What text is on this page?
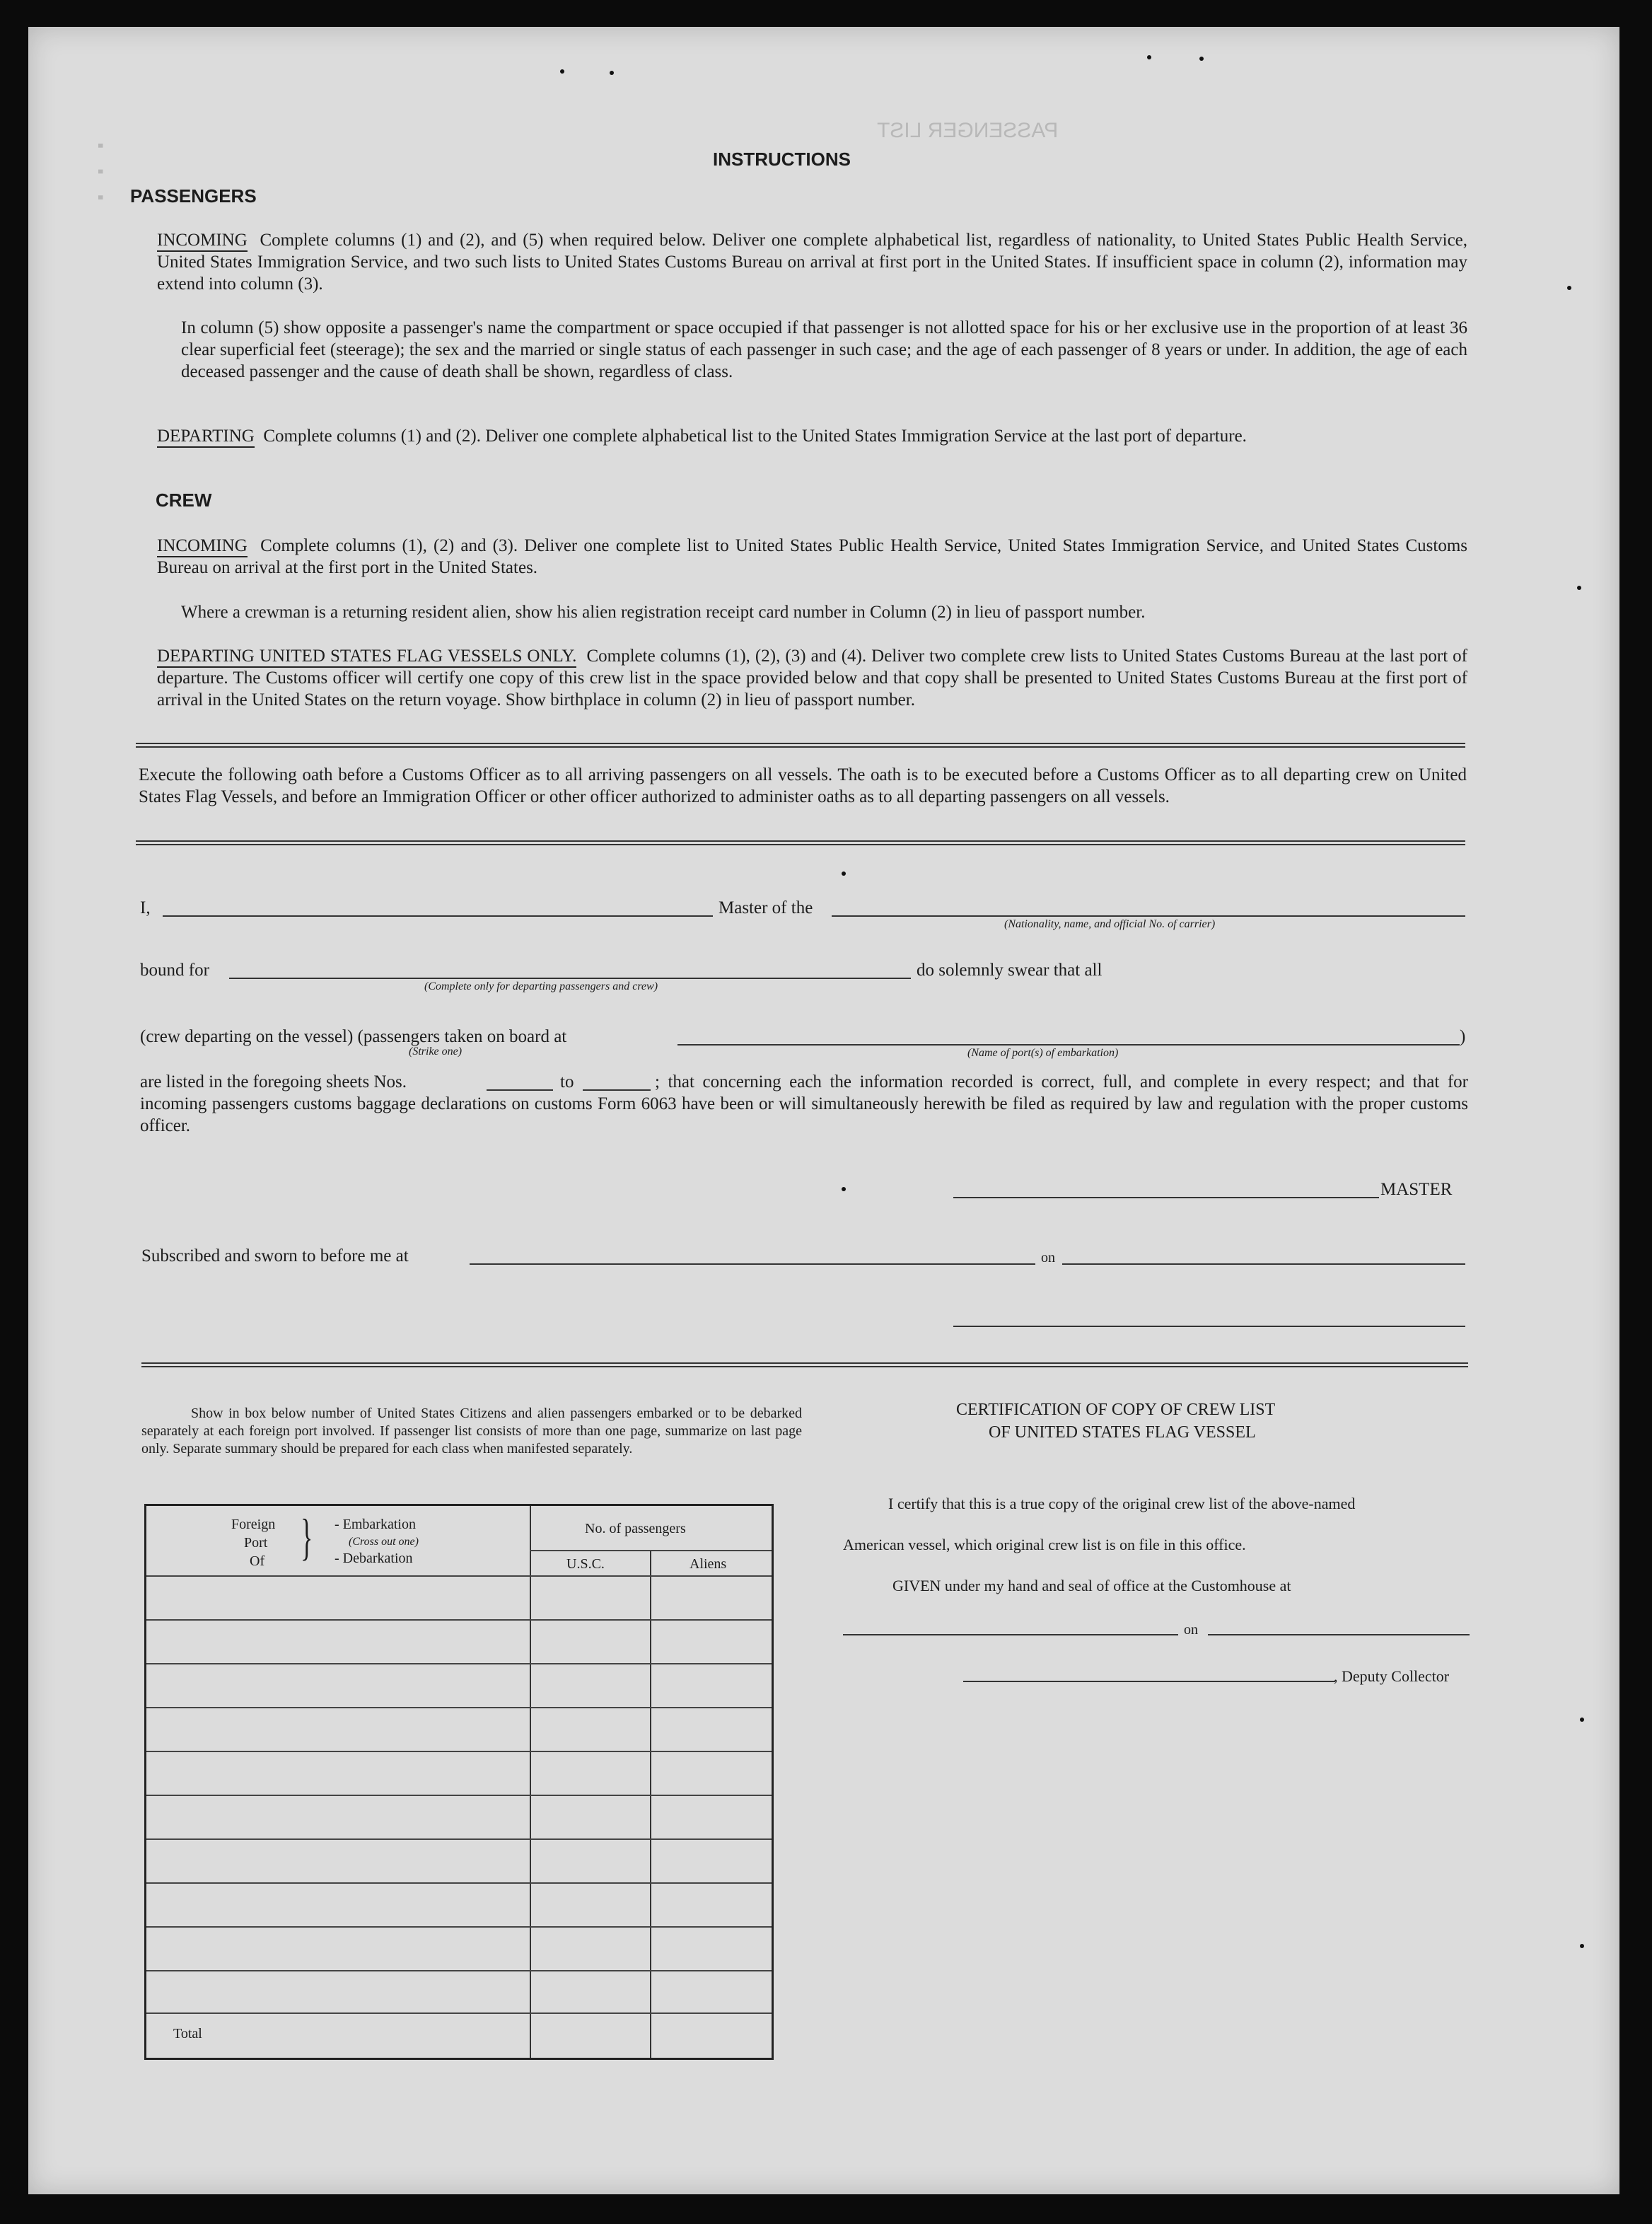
PASSENGER LIST
· · ·	INSTRUCTIONS
PASSENGERS
INCOMING Complete columns (1) and (2), and (5) when required below. Deliver one complete alphabetical list, regardless of nationality, to United States Public Health Service, United States Immigration Service, and two such lists to United States Customs Bureau on arrival at first port in the United States. If insufficient space in column (2), information may extend into column (3).
In column (5) show opposite a passenger's name the compartment or space occupied if that passenger is not allotted space for his or her exclusive use in the proportion of at least 36 clear superficial feet (steerage); the sex and the married or single status of each passenger in such case; and the age of each passenger of 8 years or under. In addition, the age of each deceased passenger and the cause of death shall be shown, regardless of class.
DEPARTING Complete columns (1) and (2). Deliver one complete alphabetical list to the United States Immigration Service at the last port of departure.
CREW
INCOMING Complete columns (1), (2) and (3). Deliver one complete list to United States Public Health Service, United States Immigration Service, and United States Customs Bureau on arrival at the first port in the United States.
Where a crewman is a returning resident alien, show his alien registration receipt card number in Column (2) in lieu of passport number.
DEPARTING UNITED STATES FLAG VESSELS ONLY. Complete columns (1), (2), (3) and (4). Deliver two complete crew lists to United States Customs Bureau at the last port of departure. The Customs officer will certify one copy of this crew list in the space provided below and that copy shall be presented to United States Customs Bureau at the first port of arrival in the United States on the return voyage. Show birthplace in column (2) in lieu of passport number.
Execute the following oath before a Customs Officer as to all arriving passengers on all vessels. The oath is to be executed before a Customs Officer as to all departing crew on United States Flag Vessels, and before an Immigration Officer or other officer authorized to administer oaths as to all departing passengers on all vessels.
I,	Master of the
(Nationality, name, and official No. of carrier)
bound for
(Complete only for departing passengers and crew)
do solemnly swear that all
(crew departing on the vessel) (passengers taken on board at	)
(Strike one)	(Name of port(s) of embarkation)
are listed in the foregoing sheets Nos.	to	; that concerning each the information recorded is correct, full, and complete in every respect; and that for incoming passengers customs baggage declarations on customs Form 6063 have been or will simultaneously herewith be filed as required by law and regulation with the proper customs officer.
MASTER
Subscribed and sworn to before me at	on
Show in box below number of United States Citizens and alien passengers embarked or to be debarked separately at each foreign port involved. If passenger list consists of more than one page, summarize on last page only. Separate summary should be prepared for each class when manifested separately.
Foreign
Port
Of } - Embarkation
(Cross out one)
- Debarkation
No. of passengers
U.S.C.	Aliens
Total
CERTIFICATION OF COPY OF CREW LIST
OF UNITED STATES FLAG VESSEL
I certify that this is a true copy of the original crew list of the above-named
American vessel, which original crew list is on file in this office.
GIVEN under my hand and seal of office at the Customhouse at
on
, Deputy Collector
